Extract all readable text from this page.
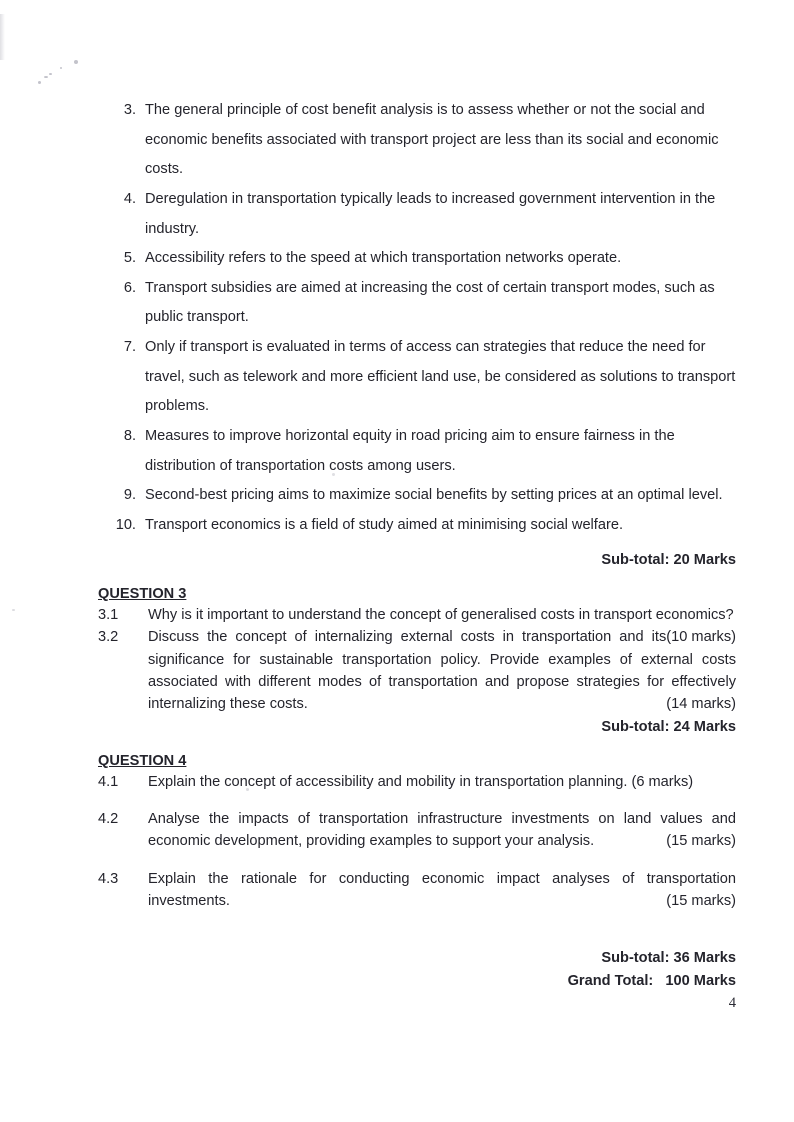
3. The general principle of cost benefit analysis is to assess whether or not the social and economic benefits associated with transport project are less than its social and economic costs.
4. Deregulation in transportation typically leads to increased government intervention in the industry.
5. Accessibility refers to the speed at which transportation networks operate.
6. Transport subsidies are aimed at increasing the cost of certain transport modes, such as public transport.
7. Only if transport is evaluated in terms of access can strategies that reduce the need for travel, such as telework and more efficient land use, be considered as solutions to transport problems.
8. Measures to improve horizontal equity in road pricing aim to ensure fairness in the distribution of transportation costs among users.
9. Second-best pricing aims to maximize social benefits by setting prices at an optimal level.
10. Transport economics is a field of study aimed at minimising social welfare.
Sub-total: 20 Marks
QUESTION 3
3.1 Why is it important to understand the concept of generalised costs in transport economics?
(10 marks)
3.2 Discuss the concept of internalizing external costs in transportation and its significance for sustainable transportation policy. Provide examples of external costs associated with different modes of transportation and propose strategies for effectively internalizing these costs.	(14 marks)
Sub-total: 24 Marks
QUESTION 4
4.1 Explain the concept of accessibility and mobility in transportation planning. (6 marks)
4.2 Analyse the impacts of transportation infrastructure investments on land values and economic development, providing examples to support your analysis.	(15 marks)
4.3 Explain the rationale for conducting economic impact analyses of transportation investments.	(15 marks)
Sub-total: 36 Marks
Grand Total:   100 Marks
4
